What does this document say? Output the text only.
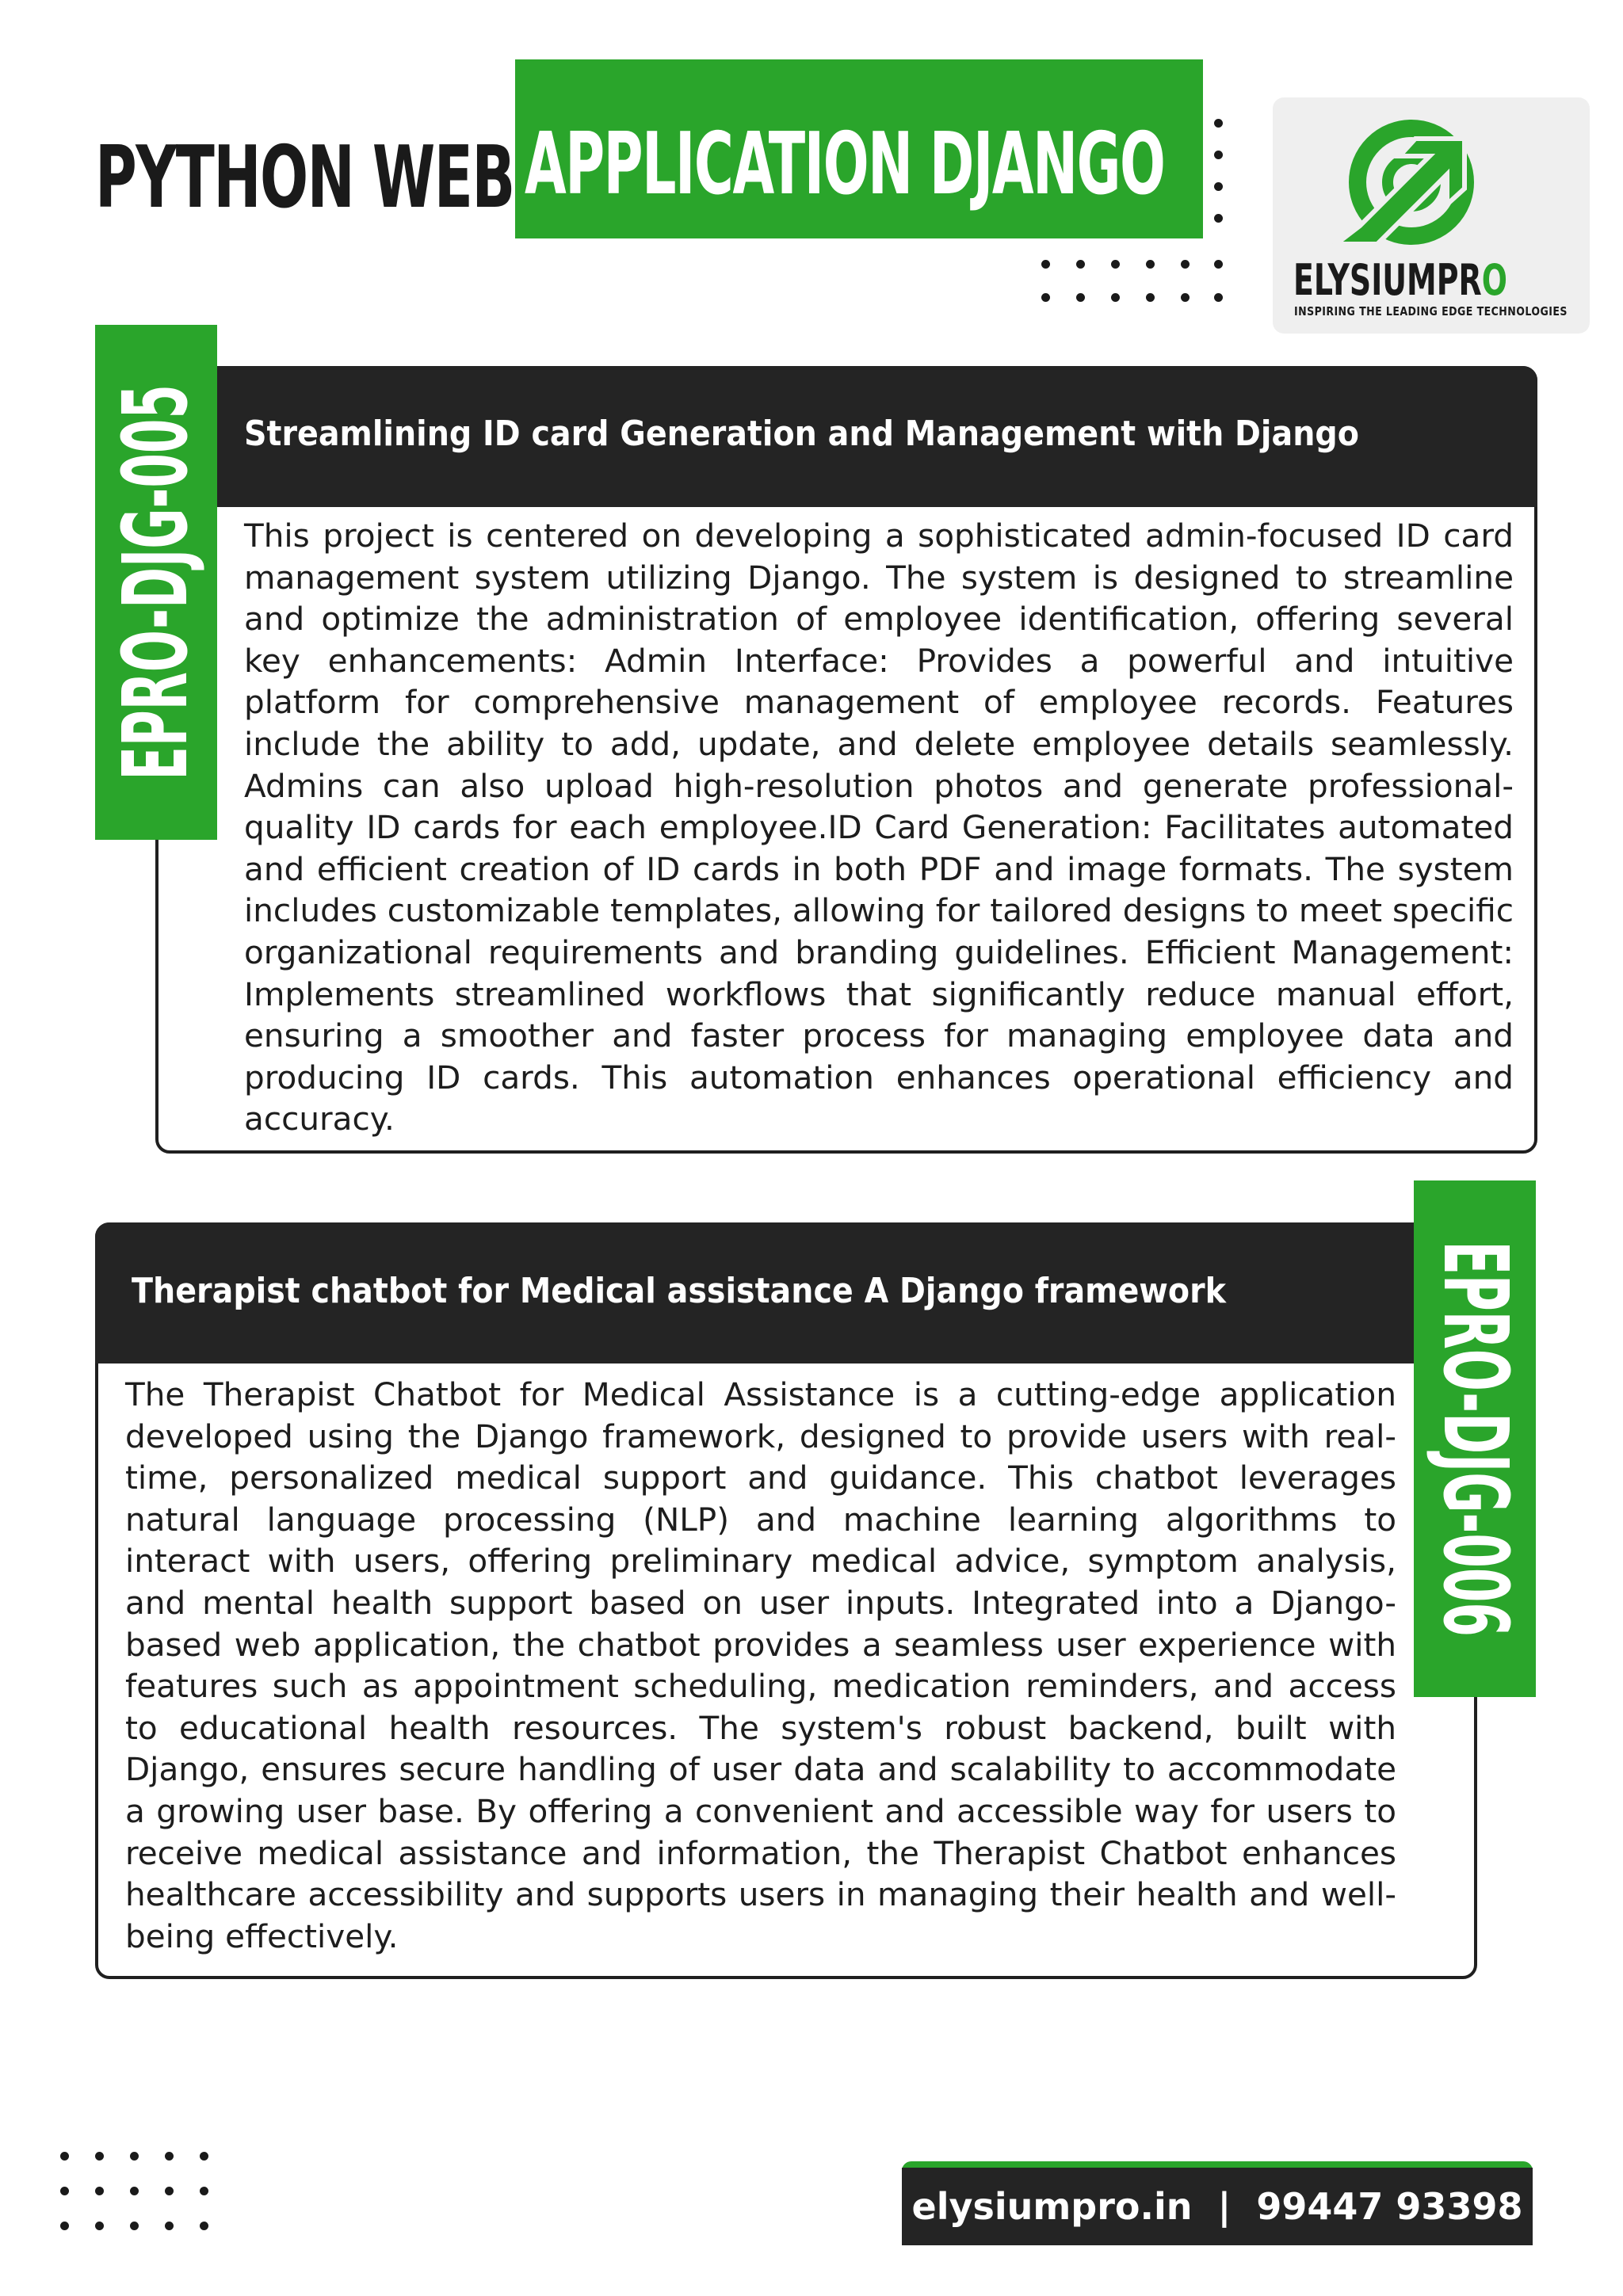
PYTHON WEB APPLICATION DJANGO
ELYSIUMPRO
INSPIRING THE LEADING EDGE TECHNOLOGIES
Streamlining ID card Generation and Management with Django
This project is centered on developing a sophisticated admin-focused ID card management system utilizing Django. The system is designed to streamline and optimize the administration of employee identification, offering several key enhancements: Admin Interface: Provides a powerful and intuitive platform for comprehensive management of employee records. Features include the ability to add, update, and delete employee details seamlessly. Admins can also upload high-resolution photos and generate professional-quality ID cards for each employee.ID Card Generation: Facilitates automated and efficient creation of ID cards in both PDF and image formats. The system includes customizable templates, allowing for tailored designs to meet specific organizational requirements and branding guidelines. Efficient Management: Implements streamlined workflows that significantly reduce manual effort, ensuring a smoother and faster process for managing employee data and producing ID cards. This automation enhances operational efficiency and accuracy.
EPRO-DJG-005
Therapist chatbot for Medical assistance A Django framework
The Therapist Chatbot for Medical Assistance is a cutting-edge application developed using the Django framework, designed to provide users with real-time, personalized medical support and guidance. This chatbot leverages natural language processing (NLP) and machine learning algorithms to interact with users, offering preliminary medical advice, symptom analysis, and mental health support based on user inputs. Integrated into a Django-based web application, the chatbot provides a seamless user experience with features such as appointment scheduling, medication reminders, and access to educational health resources. The system's robust backend, built with Django, ensures secure handling of user data and scalability to accommodate a growing user base. By offering a convenient and accessible way for users to receive medical assistance and information, the Therapist Chatbot enhances healthcare accessibility and supports users in managing their health and well-being effectively.
EPRO-DJG-006
elysiumpro.in  |  99447 93398
